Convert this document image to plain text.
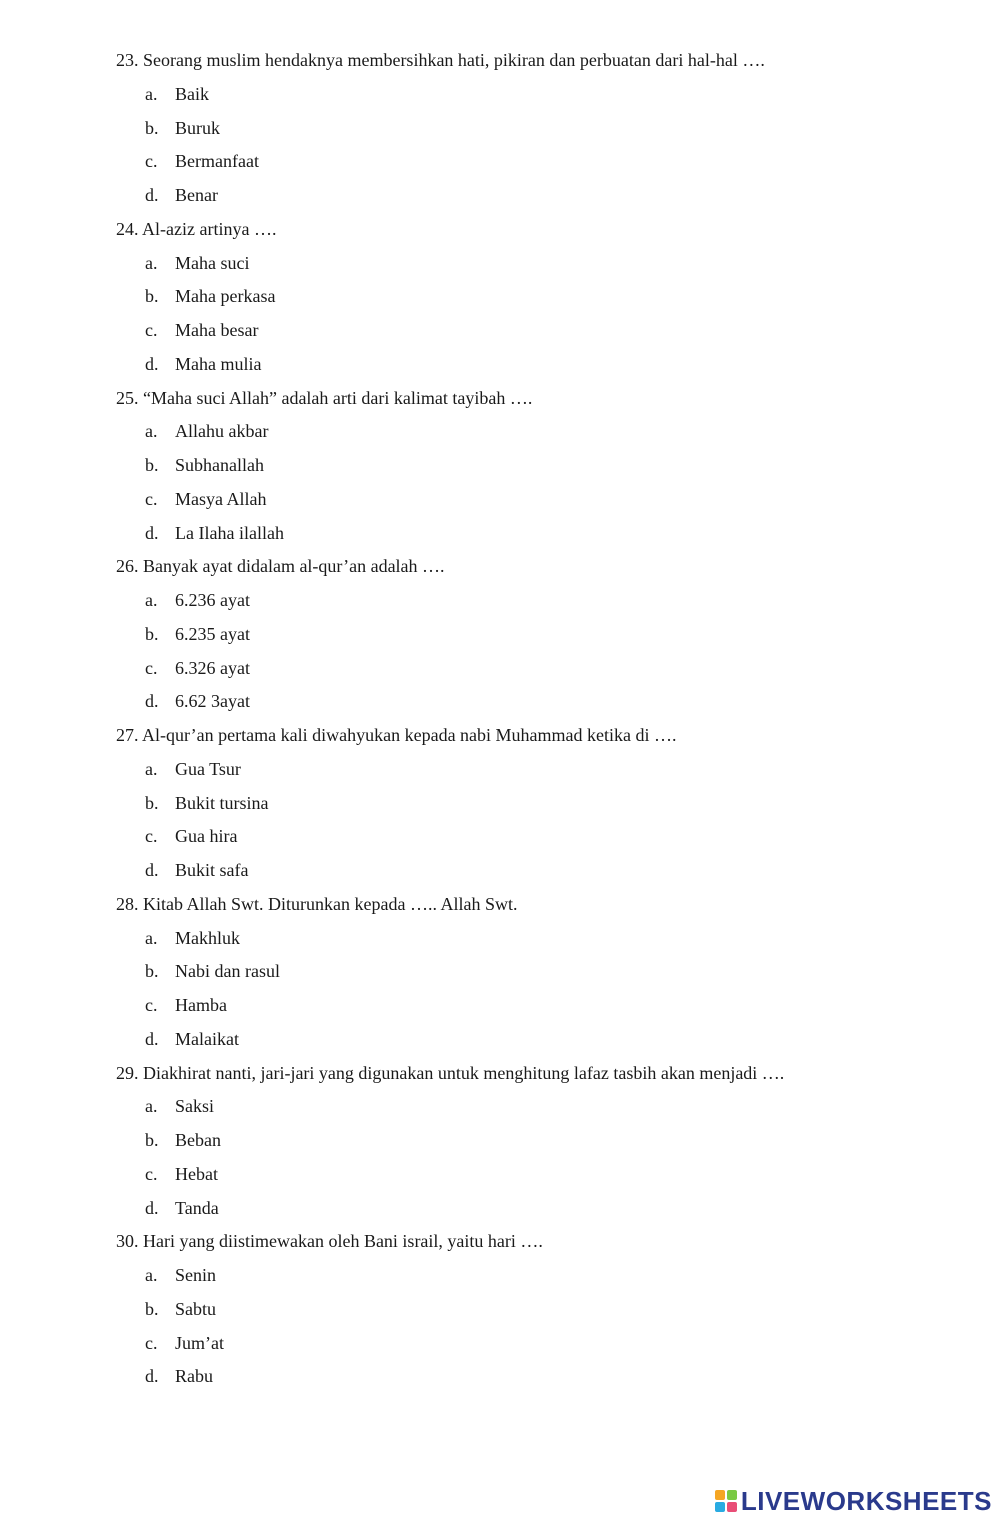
23. Seorang muslim hendaknya membersihkan hati, pikiran dan perbuatan dari hal-hal ….
a. Baik
b. Buruk
c. Bermanfaat
d. Benar
24. Al-aziz artinya ….
a. Maha suci
b. Maha perkasa
c. Maha besar
d. Maha mulia
25. “Maha suci Allah” adalah arti dari kalimat tayibah ….
a. Allahu akbar
b. Subhanallah
c. Masya Allah
d. La Ilaha ilallah
26. Banyak ayat didalam al-qur’an adalah ….
a. 6.236 ayat
b. 6.235 ayat
c. 6.326 ayat
d. 6.62 3ayat
27. Al-qur’an pertama kali diwahyukan kepada nabi Muhammad ketika di ….
a. Gua Tsur
b. Bukit tursina
c. Gua hira
d. Bukit safa
28. Kitab Allah Swt. Diturunkan kepada ….. Allah Swt.
a. Makhluk
b. Nabi dan rasul
c. Hamba
d. Malaikat
29. Diakhirat nanti, jari-jari yang digunakan untuk menghitung lafaz tasbih akan menjadi ….
a. Saksi
b. Beban
c. Hebat
d. Tanda
30. Hari yang diistimewakan oleh Bani israil, yaitu hari ….
a. Senin
b. Sabtu
c. Jum’at
d. Rabu
LIVEWORKSHEETS
